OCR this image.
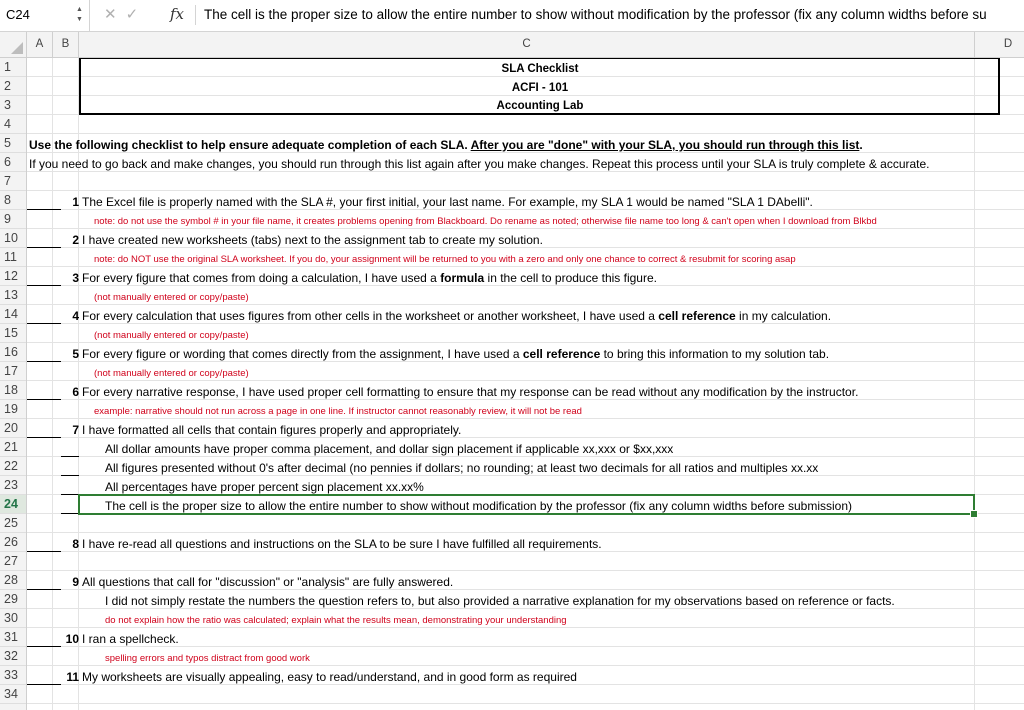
C24	▲
▼ ✕ ✓	fx The cell is the proper size to allow the entire number to show without modification by the professor (fix any column widths before su
A	B	C	D
1
2
3
4
5
6
7
8
9
10
11
12
13
14
15
16
17
18
19
20
21
22
23
24
25
26
27
28
29
30
31
32
33
34
SLA Checklist
ACFI - 101
Accounting Lab
Use the following checklist to help ensure adequate completion of each SLA. After you are "done" with your SLA, you should run through this list.
If you need to go back and make changes, you should run through this list again after you make changes. Repeat this process until your SLA is truly complete & accurate.
1 The Excel file is properly named with the SLA #, your first initial, your last name. For example, my SLA 1 would be named "SLA 1 DAbelli".
note: do not use the symbol # in your file name, it creates problems opening from Blackboard. Do rename as noted; otherwise file name too long & can't open when I download from Blkbd
2 I have created new worksheets (tabs) next to the assignment tab to create my solution.
note: do NOT use the original SLA worksheet. If you do, your assignment will be returned to you with a zero and only one chance to correct & resubmit for scoring asap
3 For every figure that comes from doing a calculation, I have used a formula in the cell to produce this figure.
(not manually entered or copy/paste)
4 For every calculation that uses figures from other cells in the worksheet or another worksheet, I have used a cell reference in my calculation.
(not manually entered or copy/paste)
5 For every figure or wording that comes directly from the assignment, I have used a cell reference to bring this information to my solution tab.
(not manually entered or copy/paste)
6 For every narrative response, I have used proper cell formatting to ensure that my response can be read without any modification by the instructor.
example: narrative should not run across a page in one line. If instructor cannot reasonably review, it will not be read
7 I have formatted all cells that contain figures properly and appropriately.
All dollar amounts have proper comma placement, and dollar sign placement if applicable xx,xxx or $xx,xxx
All figures presented without 0's after decimal (no pennies if dollars; no rounding; at least two decimals for all ratios and multiples xx.xx
All percentages have proper percent sign placement xx.xx%
The cell is the proper size to allow the entire number to show without modification by the professor (fix any column widths before submission)
8 I have re-read all questions and instructions on the SLA to be sure I have fulfilled all requirements.
9 All questions that call for "discussion" or "analysis" are fully answered.
I did not simply restate the numbers the question refers to, but also provided a narrative explanation for my observations based on reference or facts.
do not explain how the ratio was calculated; explain what the results mean, demonstrating your understanding
10 I ran a spellcheck.
spelling errors and typos distract from good work
11 My worksheets are visually appealing, easy to read/understand, and in good form as required
